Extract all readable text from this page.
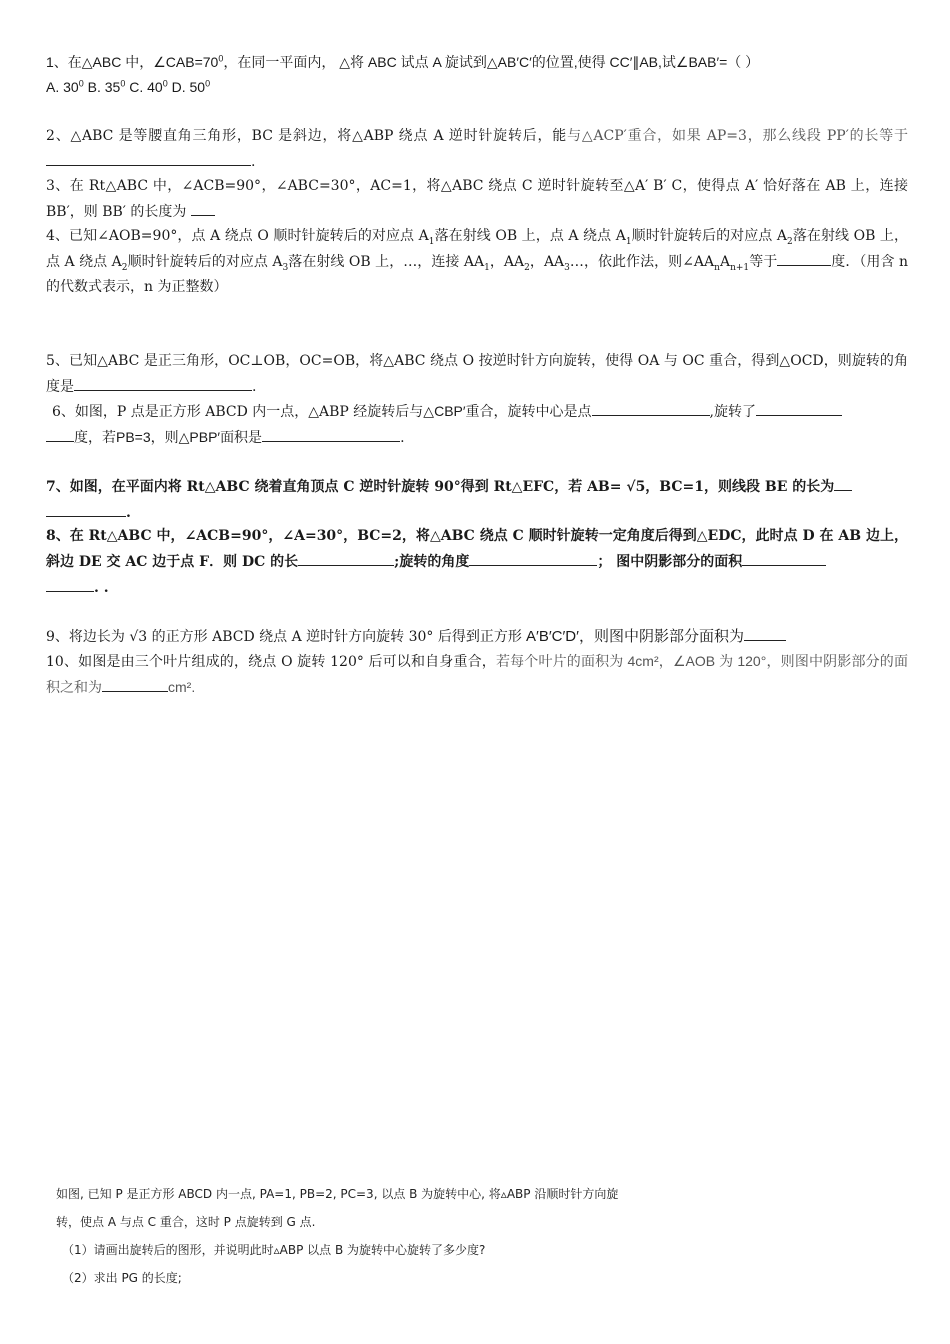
1、在△ABC 中，$\angle CAB=70^0$，在同一平面内， △将 ABC 试点 A 旋试到△AB′C′的位置,使得 CC′∥AB,试∠BAB′=（ ）
A. $30^0$ B. $35^0$ C. $40^0$ D. $50^0$

2、△ABC 是等腰直角三角形，BC 是斜边，将△ABP 绕点 A 逆时针旋转后，能与△ACP′重合，如果 AP=3，那么线段 PP′的长等于.

3、在 Rt△ABC 中，∠ACB=90°，∠ABC=30°，AC=1，将△ABC 绕点 C 逆时针旋转至△A′ B′ C，使得点 A′ 恰好落在 AB 上，连接 BB′，则 BB′ 的长度为

4、已知∠AOB=90°，点 A 绕点 O 顺时针旋转后的对应点 $A_1$落在射线 OB 上，点 A 绕点 $A_1$顺时针旋转后的对应点 $A_2$落在射线 OB 上，点 A 绕点 $A_2$顺时针旋转后的对应点 $A_3$落在射线 OB 上，…，连接 $AA_1$，$AA_2$，$AA_3\dots$，依此作法，则$\angle AA_nA_{n+1}$等于	度．（用含 n 的代数式表示，n 为正整数）

5、已知△ABC 是正三角形，OC⊥OB，OC=OB，将△ABC 绕点 O 按逆时针方向旋转，使得 OA 与 OC 重合，得到△OCD，则旋转的角度是	.

6、如图，P 点是正方形 ABCD 内一点，△ABP 经旋转后与△CBP′重合，旋转中心是点	,旋转了
度，若PB=3，则△PBP′面积是	.

7、如图，在平面内将 Rt△ABC 绕着直角顶点 C 逆时针旋转 90°得到 Rt△EFC，若 AB= √5，BC=1，则线段 BE 的长为
.

8、在 Rt△ABC 中，∠ACB=90°，∠A=30°，BC=2，将△ABC 绕点 C 顺时针旋转一定角度后得到△EDC，此时点 D 在 AB 边上，斜边 DE 交 AC 边于点 F．则 DC 的长	;旋转的角度	； 图中阴影部分的面积
. .

9、将边长为 √3 的正方形 ABCD 绕点 A 逆时针方向旋转 30° 后得到正方形 A′B′C′D′，则图中阴影部分面积为

10、如图是由三个叶片组成的，绕点 O 旋转 120° 后可以和自身重合，若每个叶片的面积为 4cm²，∠AOB 为 120°，则图中阴影部分的面积之和为	cm².

如图, 已知 P 是正方形 ABCD 内一点, PA=1, PB=2, PC=3, 以点 B 为旋转中心, 将▵ABP 沿顺时针方向旋
转，使点 A 与点 C 重合，这时 P 点旋转到 G 点.
（1）请画出旋转后的图形，并说明此时▵ABP 以点 B 为旋转中心旋转了多少度?
（2）求出 PG 的长度;
